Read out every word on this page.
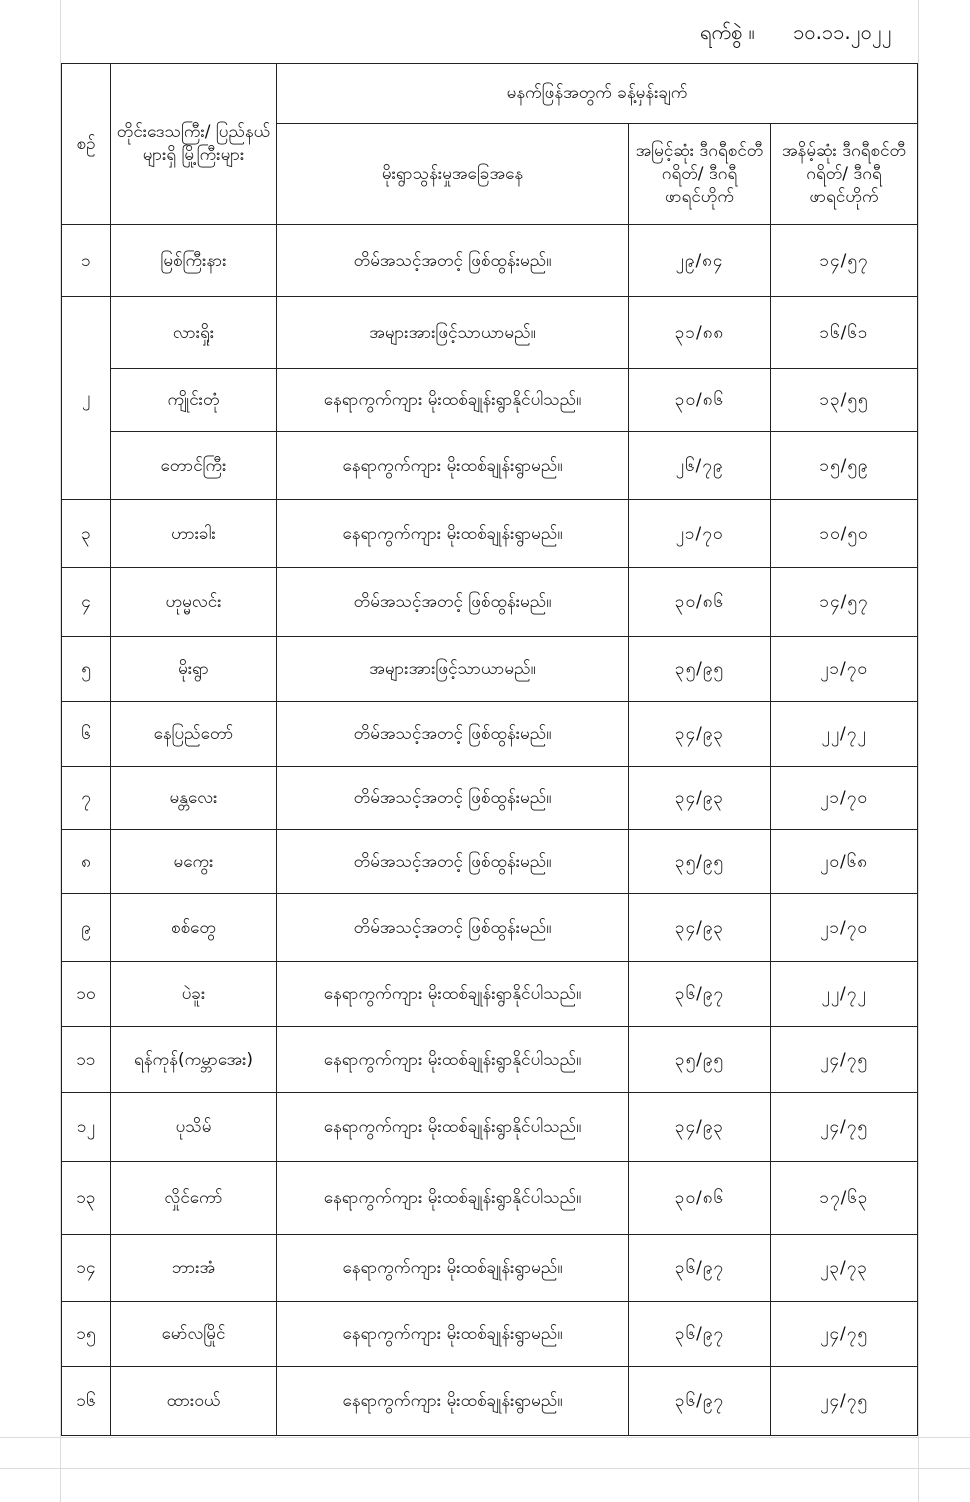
ရက်စွဲ ။ ၁၀.၁၁.၂၀၂၂
စဉ်	တိုင်းဒေသကြီး/ ပြည်နယ်များရှိ မြို့ကြီးများ	မနက်ဖြန်အတွက် ခန့်မှန်းချက်		
		မိုးရွာသွန်းမှုအခြေအနေ	အမြင့်ဆုံး ဒီဂရီစင်တီဂရိတ်/ ဒီဂရီဖာရင်ဟိုက်	အနိမ့်ဆုံး ဒီဂရီစင်တီဂရိတ်/ ဒီဂရီဖာရင်ဟိုက်
၁	မြစ်ကြီးနား	တိမ်အသင့်အတင့် ဖြစ်ထွန်းမည်။	၂၉/၈၄	၁၄/၅၇
၂	လားရှိုး	အများအားဖြင့်သာယာမည်။	၃၁/၈၈	၁၆/၆၁
	ကျိုင်းတုံ	နေရာကွက်ကျား မိုးထစ်ချုန်းရွာနိုင်ပါသည်။	၃၀/၈၆	၁၃/၅၅
	တောင်ကြီး	နေရာကွက်ကျား မိုးထစ်ချုန်းရွာမည်။	၂၆/၇၉	၁၅/၅၉
၃	ဟားခါး	နေရာကွက်ကျား မိုးထစ်ချုန်းရွာမည်။	၂၁/၇၀	၁၀/၅၀
၄	ဟုမ္မလင်း	တိမ်အသင့်အတင့် ဖြစ်ထွန်းမည်။	၃၀/၈၆	၁၄/၅၇
၅	မိုးရွာ	အများအားဖြင့်သာယာမည်။	၃၅/၉၅	၂၁/၇၀
၆	နေပြည်တော်	တိမ်အသင့်အတင့် ဖြစ်ထွန်းမည်။	၃၄/၉၃	၂၂/၇၂
၇	မန္တလေး	တိမ်အသင့်အတင့် ဖြစ်ထွန်းမည်။	၃၄/၉၃	၂၁/၇၀
၈	မကွေး	တိမ်အသင့်အတင့် ဖြစ်ထွန်းမည်။	၃၅/၉၅	၂၀/၆၈
၉	စစ်တွေ	တိမ်အသင့်အတင့် ဖြစ်ထွန်းမည်။	၃၄/၉၃	၂၁/၇၀
၁၀	ပဲခူး	နေရာကွက်ကျား မိုးထစ်ချုန်းရွာနိုင်ပါသည်။	၃၆/၉၇	၂၂/၇၂
၁၁	ရန်ကုန်(ကမ္ဘာအေး)	နေရာကွက်ကျား မိုးထစ်ချုန်းရွာနိုင်ပါသည်။	၃၅/၉၅	၂၄/၇၅
၁၂	ပုသိမ်	နေရာကွက်ကျား မိုးထစ်ချုန်းရွာနိုင်ပါသည်။	၃၄/၉၃	၂၄/၇၅
၁၃	လှိုင်ကော်	နေရာကွက်ကျား မိုးထစ်ချုန်းရွာနိုင်ပါသည်။	၃၀/၈၆	၁၇/၆၃
၁၄	ဘားအံ	နေရာကွက်ကျား မိုးထစ်ချုန်းရွာမည်။	၃၆/၉၇	၂၃/၇၃
၁၅	မော်လမြိုင်	နေရာကွက်ကျား မိုးထစ်ချုန်းရွာမည်။	၃၆/၉၇	၂၄/၇၅
၁၆	ထားဝယ်	နေရာကွက်ကျား မိုးထစ်ချုန်းရွာမည်။	၃၆/၉၇	၂၄/၇၅
